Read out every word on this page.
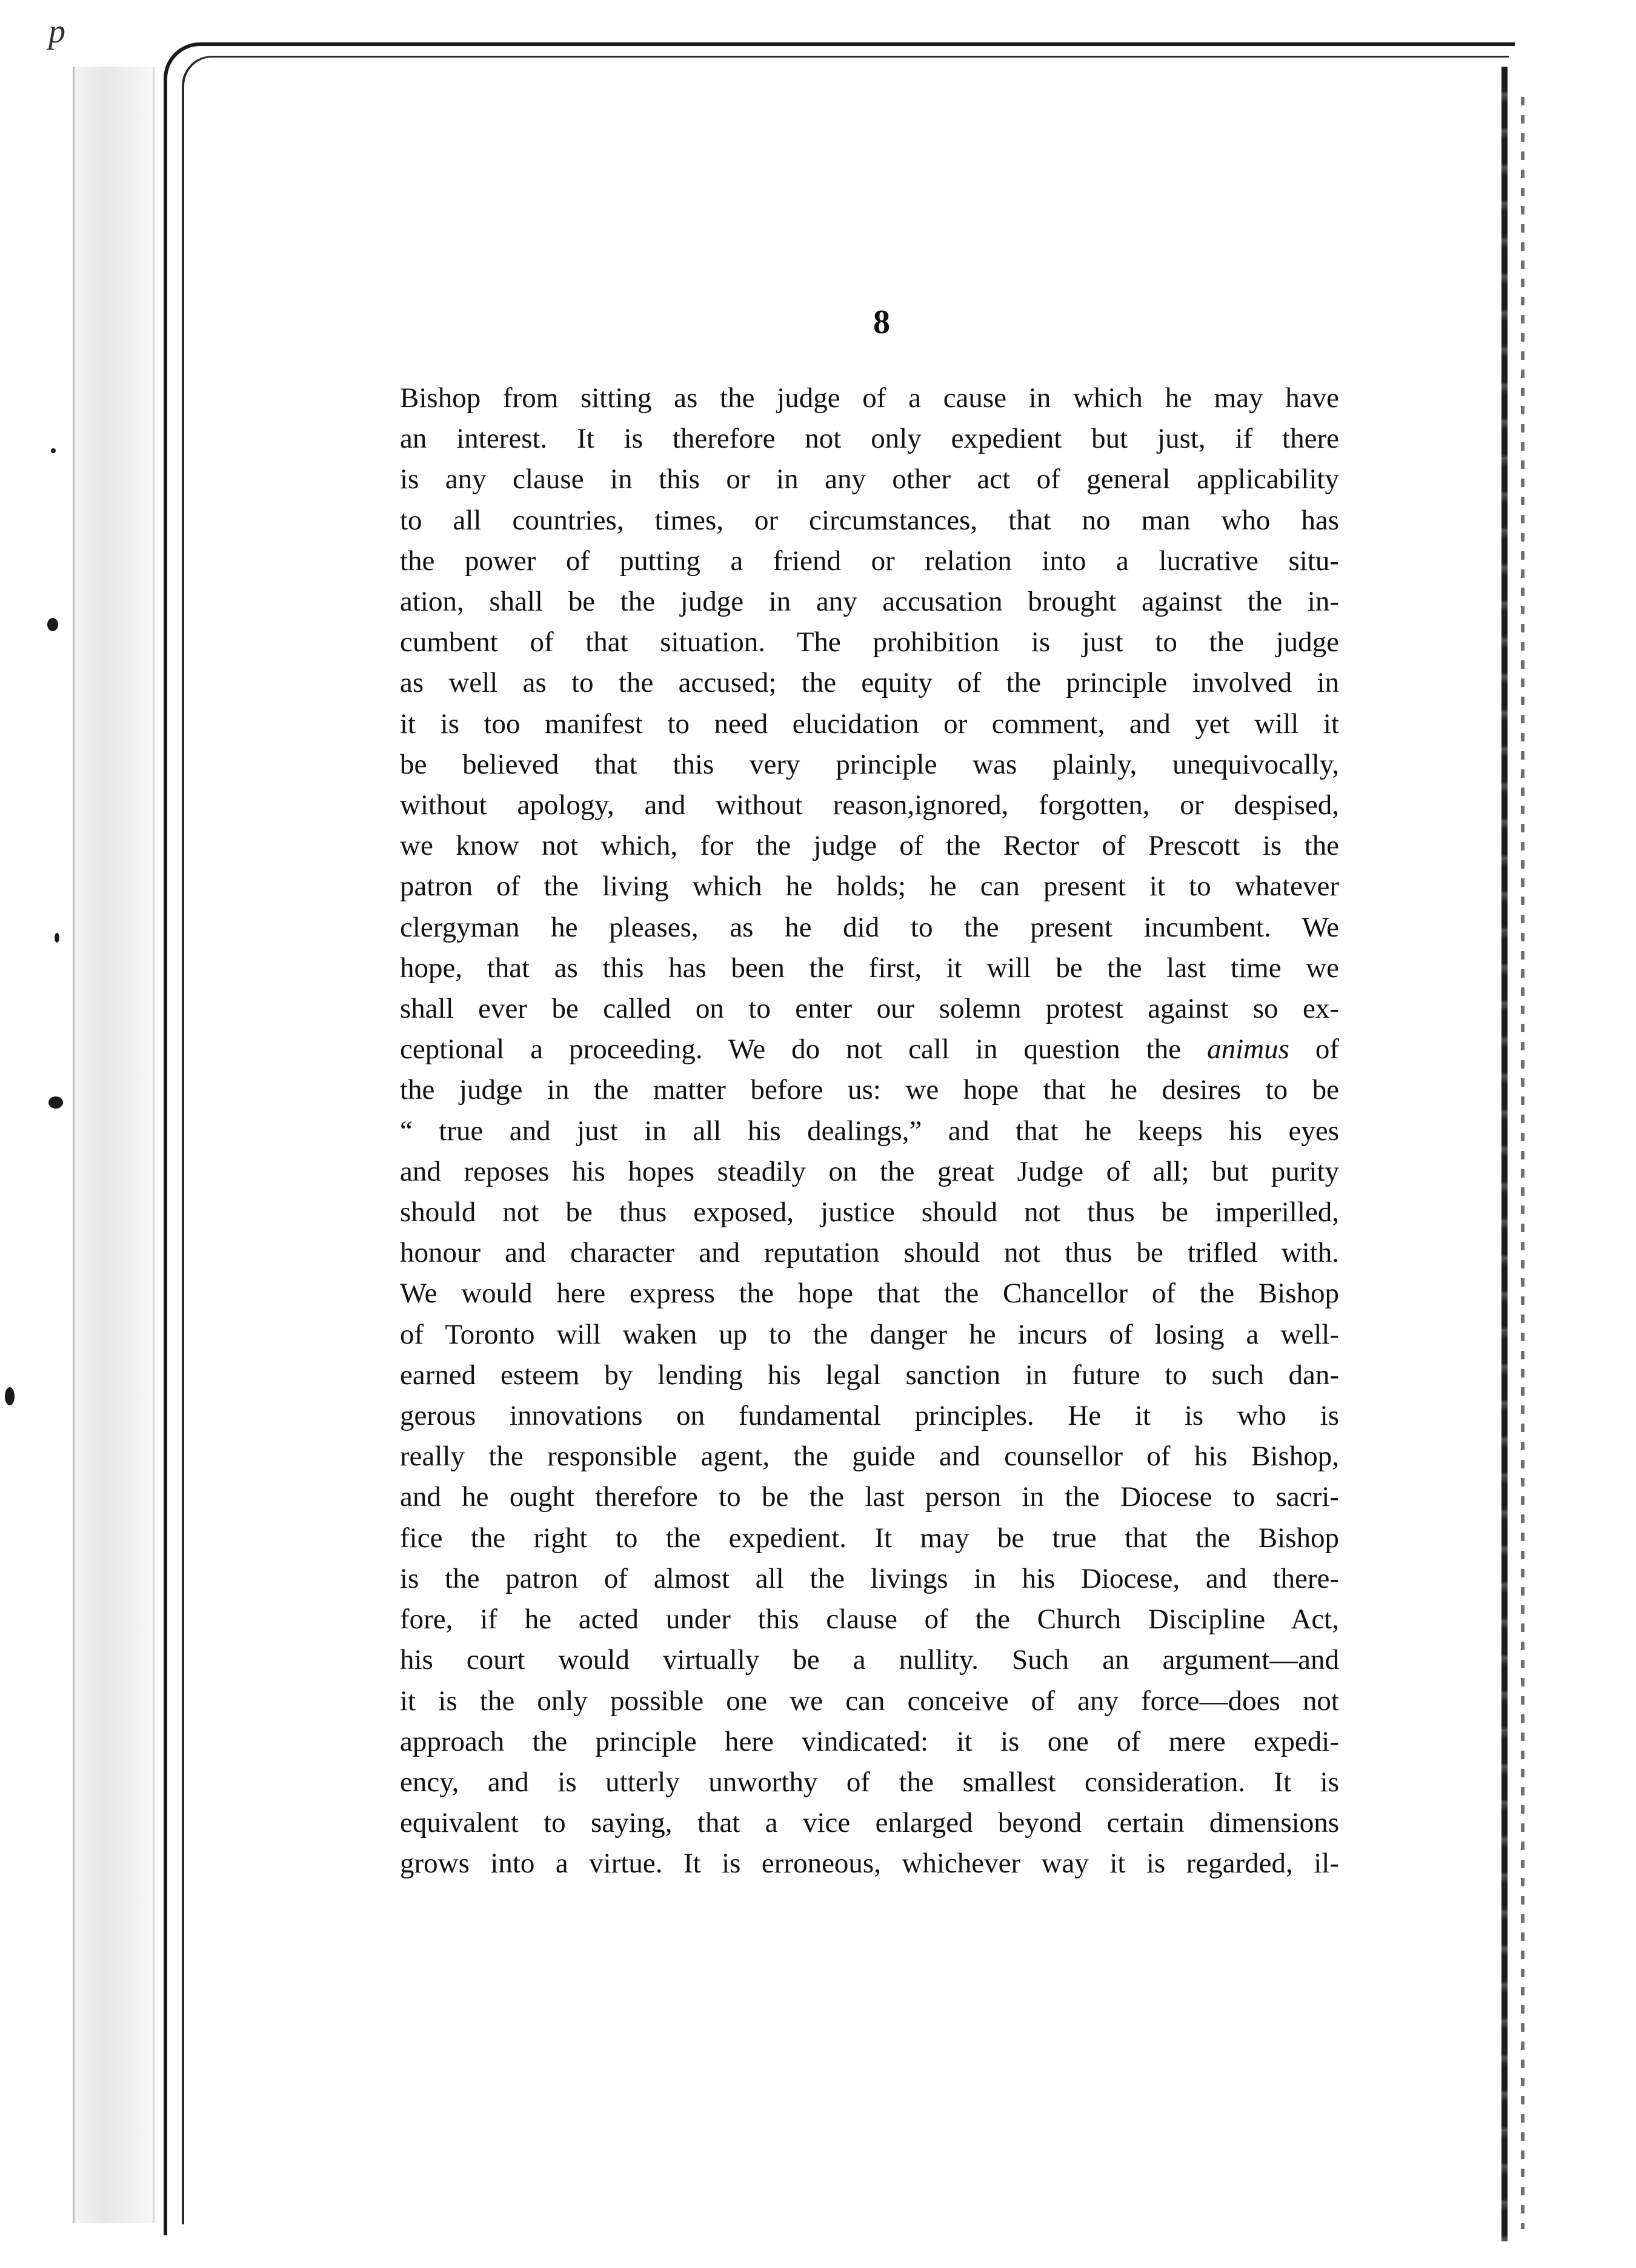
p
8

Bishop from sitting as the judge of a cause in which he may have
an interest. It is therefore not only expedient but just, if there
is any clause in this or in any other act of general applicability
to all countries, times, or circumstances, that no man who has
the power of putting a friend or relation into a lucrative situ-
ation, shall be the judge in any accusation brought against the in-
cumbent of that situation. The prohibition is just to the judge
as well as to the accused; the equity of the principle involved in
it is too manifest to need elucidation or comment, and yet will it
be believed that this very principle was plainly, unequivocally,
without apology, and without reason,ignored, forgotten, or despised,
we know not which, for the judge of the Rector of Prescott is the
patron of the living which he holds; he can present it to whatever
clergyman he pleases, as he did to the present incumbent. We
hope, that as this has been the first, it will be the last time we
shall ever be called on to enter our solemn protest against so ex-
ceptional a proceeding. We do not call in question the animus of
the judge in the matter before us: we hope that he desires to be
“ true and just in all his dealings,” and that he keeps his eyes
and reposes his hopes steadily on the great Judge of all; but purity
should not be thus exposed, justice should not thus be imperilled,
honour and character and reputation should not thus be trifled with.
We would here express the hope that the Chancellor of the Bishop
of Toronto will waken up to the danger he incurs of losing a well-
earned esteem by lending his legal sanction in future to such dan-
gerous innovations on fundamental principles. He it is who is
really the responsible agent, the guide and counsellor of his Bishop,
and he ought therefore to be the last person in the Diocese to sacri-
fice the right to the expedient. It may be true that the Bishop
is the patron of almost all the livings in his Diocese, and there-
fore, if he acted under this clause of the Church Discipline Act,
his court would virtually be a nullity. Such an argument—and
it is the only possible one we can conceive of any force—does not
approach the principle here vindicated: it is one of mere expedi-
ency, and is utterly unworthy of the smallest consideration. It is
equivalent to saying, that a vice enlarged beyond certain dimensions
grows into a virtue. It is erroneous, whichever way it is regarded, il-
